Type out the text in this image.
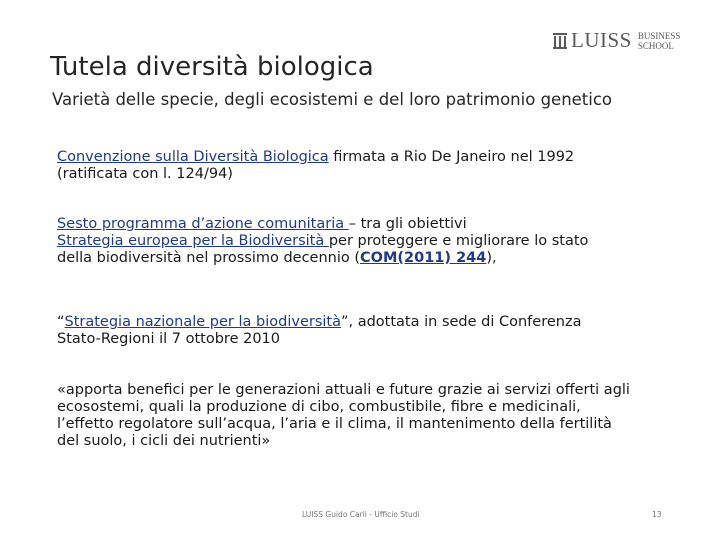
LUISS BUSINESS
SCHOOL
Tutela diversità biologica

Varietà delle specie, degli ecosistemi e del loro patrimonio genetico

Convenzione sulla Diversità Biologica firmata a Rio De Janeiro nel 1992
(ratificata con l. 124/94)

Sesto programma d’azione comunitaria – tra gli obiettivi
Strategia europea per la Biodiversità per proteggere e migliorare lo stato
della biodiversità nel prossimo decennio (COM(2011) 244),

“Strategia nazionale per la biodiversità”, adottata in sede di Conferenza
Stato-Regioni il 7 ottobre 2010

«apporta benefici per le generazioni attuali e future grazie ai servizi offerti agli
ecosostemi, quali la produzione di cibo, combustibile, fibre e medicinali,
l’effetto regolatore sull’acqua, l’aria e il clima, il mantenimento della fertilità
del suolo, i cicli dei nutrienti»

LUISS Guido Carli - Ufficio Studi	13
